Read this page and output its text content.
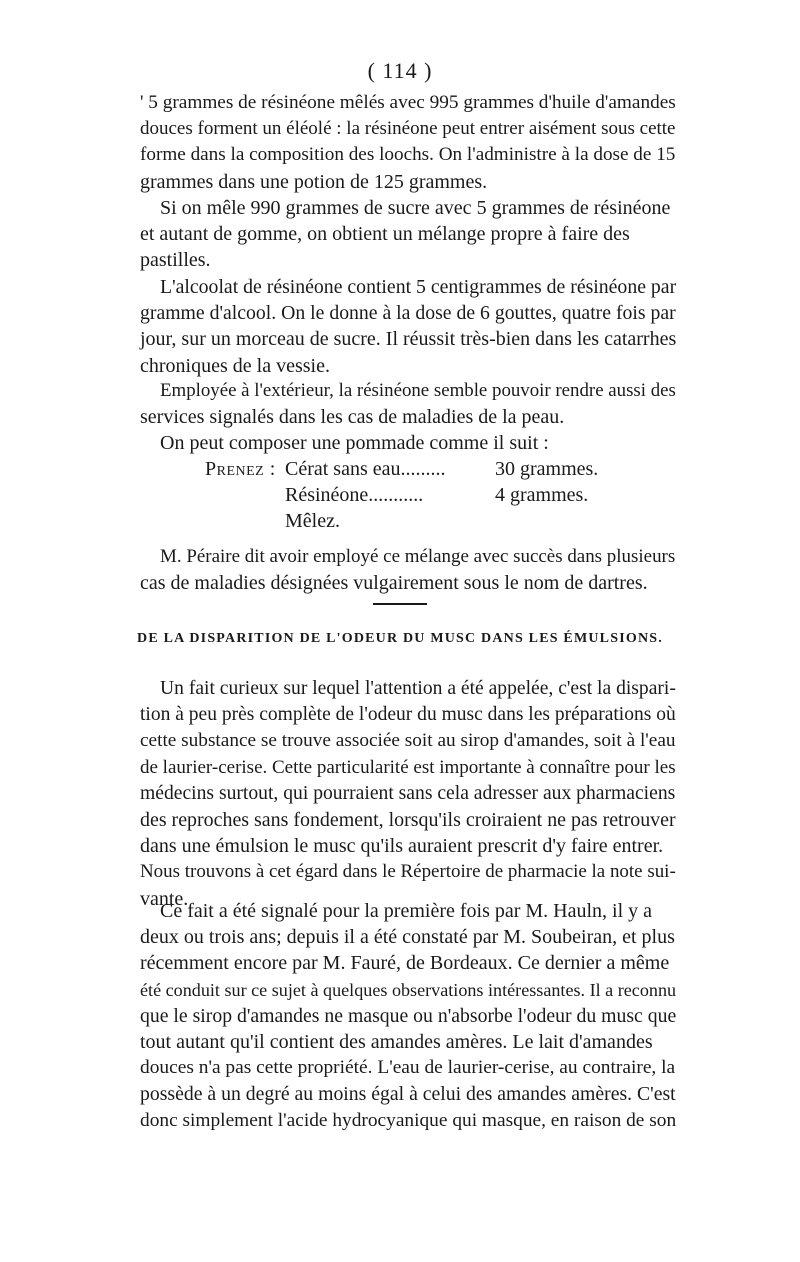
( 114 )

' 5 grammes de résinéone mêlés avec 995 grammes d'huile d'amandes
douces forment un éléolé : la résinéone peut entrer aisément sous cette
forme dans la composition des loochs. On l'administre à la dose de 15
grammes dans une potion de 125 grammes.

Si on mêle 990 grammes de sucre avec 5 grammes de résinéone
et autant de gomme, on obtient un mélange propre à faire des
pastilles.

L'alcoolat de résinéone contient 5 centigrammes de résinéone par
gramme d'alcool. On le donne à la dose de 6 gouttes, quatre fois par
jour, sur un morceau de sucre. Il réussit très-bien dans les catarrhes
chroniques de la vessie.

Employée à l'extérieur, la résinéone semble pouvoir rendre aussi des
services signalés dans les cas de maladies de la peau.

On peut composer une pommade comme il suit :

Prenez : Cérat sans eau.........	30 grammes.
Résinéone...........	4 grammes.
Mêlez.

M. Péraire dit avoir employé ce mélange avec succès dans plusieurs
cas de maladies désignées vulgairement sous le nom de dartres.

DE LA DISPARITION DE L'ODEUR DU MUSC DANS LES ÉMULSIONS.

Un fait curieux sur lequel l'attention a été appelée, c'est la dispari-
tion à peu près complète de l'odeur du musc dans les préparations où
cette substance se trouve associée soit au sirop d'amandes, soit à l'eau
de laurier-cerise. Cette particularité est importante à connaître pour les
médecins surtout, qui pourraient sans cela adresser aux pharmaciens
des reproches sans fondement, lorsqu'ils croiraient ne pas retrouver
dans une émulsion le musc qu'ils auraient prescrit d'y faire entrer.
Nous trouvons à cet égard dans le Répertoire de pharmacie la note sui-
vante.

Ce fait a été signalé pour la première fois par M. Hauln, il y a
deux ou trois ans; depuis il a été constaté par M. Soubeiran, et plus
récemment encore par M. Fauré, de Bordeaux. Ce dernier a même
été conduit sur ce sujet à quelques observations intéressantes. Il a reconnu
que le sirop d'amandes ne masque ou n'absorbe l'odeur du musc que
tout autant qu'il contient des amandes amères. Le lait d'amandes
douces n'a pas cette propriété. L'eau de laurier-cerise, au contraire, la
possède à un degré au moins égal à celui des amandes amères. C'est
donc simplement l'acide hydrocyanique qui masque, en raison de son
